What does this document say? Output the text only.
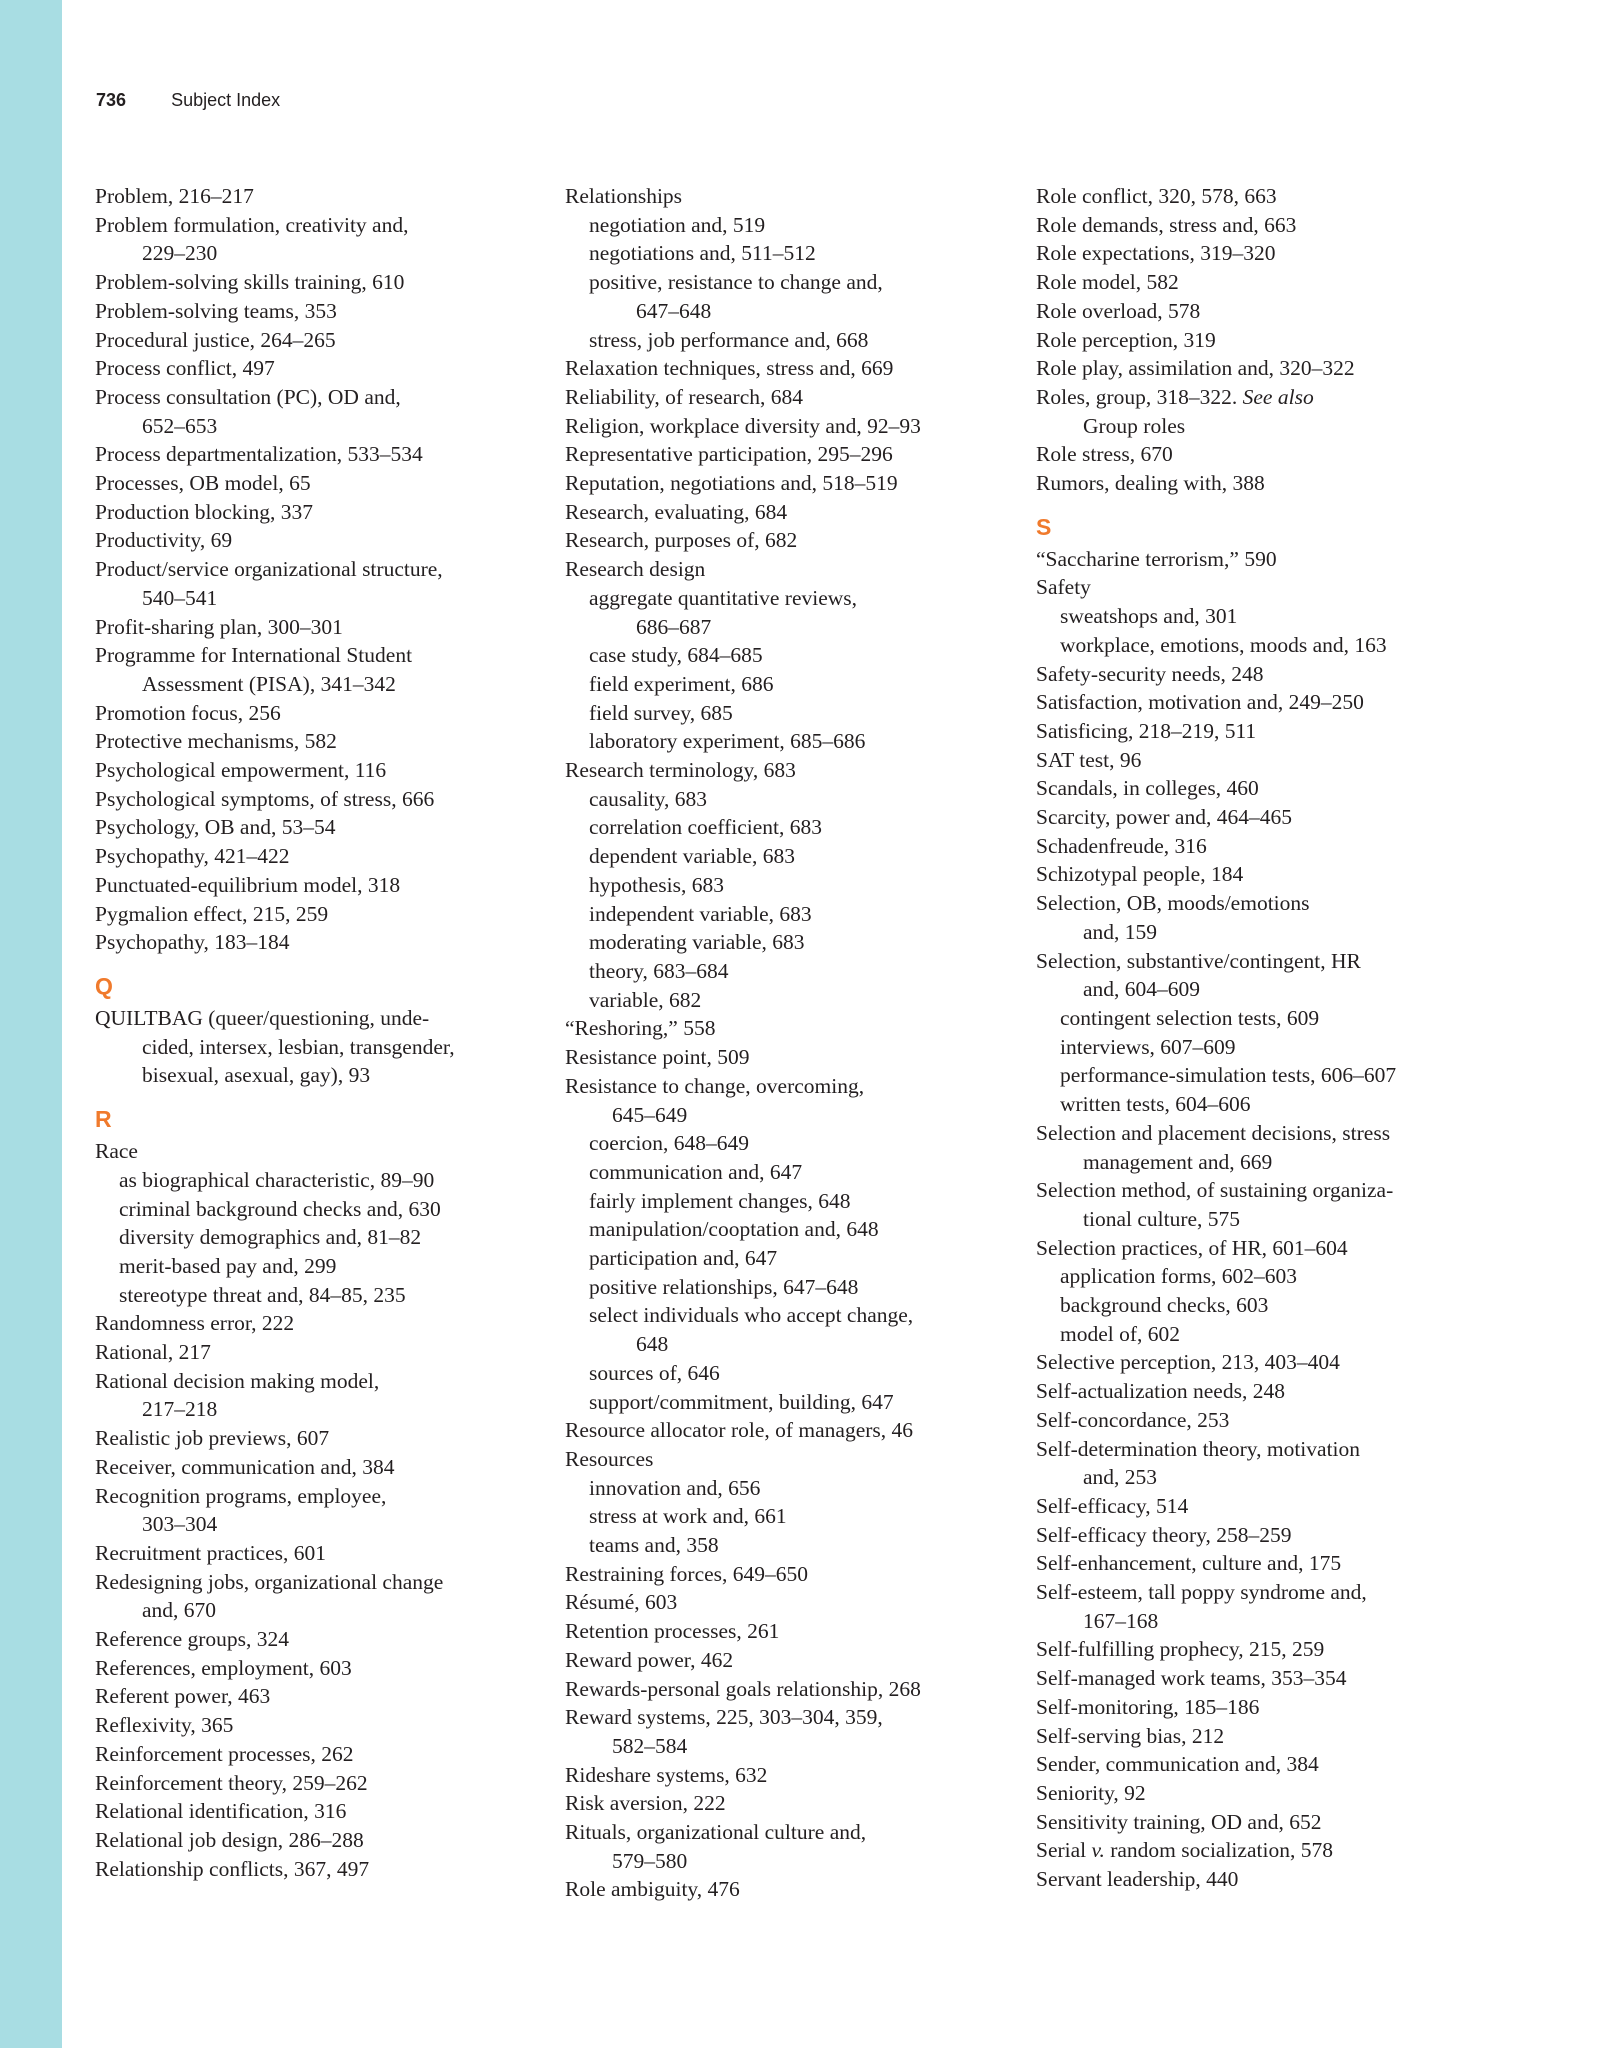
736	Subject Index
Problem, 216–217
Problem formulation, creativity and,
229–230
Problem-solving skills training, 610
Problem-solving teams, 353
Procedural justice, 264–265
Process conflict, 497
Process consultation (PC), OD and,
652–653
Process departmentalization, 533–534
Processes, OB model, 65
Production blocking, 337
Productivity, 69
Product/service organizational structure,
540–541
Profit-sharing plan, 300–301
Programme for International Student
Assessment (PISA), 341–342
Promotion focus, 256
Protective mechanisms, 582
Psychological empowerment, 116
Psychological symptoms, of stress, 666
Psychology, OB and, 53–54
Psychopathy, 421–422
Punctuated-equilibrium model, 318
Pygmalion effect, 215, 259
Psychopathy, 183–184
Q
QUILTBAG (queer/questioning, unde-
cided, intersex, lesbian, transgender,
bisexual, asexual, gay), 93
R
Race
as biographical characteristic, 89–90
criminal background checks and, 630
diversity demographics and, 81–82
merit-based pay and, 299
stereotype threat and, 84–85, 235
Randomness error, 222
Rational, 217
Rational decision making model,
217–218
Realistic job previews, 607
Receiver, communication and, 384
Recognition programs, employee,
303–304
Recruitment practices, 601
Redesigning jobs, organizational change
and, 670
Reference groups, 324
References, employment, 603
Referent power, 463
Reflexivity, 365
Reinforcement processes, 262
Reinforcement theory, 259–262
Relational identification, 316
Relational job design, 286–288
Relationship conflicts, 367, 497
Relationships
negotiation and, 519
negotiations and, 511–512
positive, resistance to change and,
647–648
stress, job performance and, 668
Relaxation techniques, stress and, 669
Reliability, of research, 684
Religion, workplace diversity and, 92–93
Representative participation, 295–296
Reputation, negotiations and, 518–519
Research, evaluating, 684
Research, purposes of, 682
Research design
aggregate quantitative reviews,
686–687
case study, 684–685
field experiment, 686
field survey, 685
laboratory experiment, 685–686
Research terminology, 683
causality, 683
correlation coefficient, 683
dependent variable, 683
hypothesis, 683
independent variable, 683
moderating variable, 683
theory, 683–684
variable, 682
“Reshoring,” 558
Resistance point, 509
Resistance to change, overcoming,
645–649
coercion, 648–649
communication and, 647
fairly implement changes, 648
manipulation/cooptation and, 648
participation and, 647
positive relationships, 647–648
select individuals who accept change,
648
sources of, 646
support/commitment, building, 647
Resource allocator role, of managers, 46
Resources
innovation and, 656
stress at work and, 661
teams and, 358
Restraining forces, 649–650
Résumé, 603
Retention processes, 261
Reward power, 462
Rewards-personal goals relationship, 268
Reward systems, 225, 303–304, 359,
582–584
Rideshare systems, 632
Risk aversion, 222
Rituals, organizational culture and,
579–580
Role ambiguity, 476
Role conflict, 320, 578, 663
Role demands, stress and, 663
Role expectations, 319–320
Role model, 582
Role overload, 578
Role perception, 319
Role play, assimilation and, 320–322
Roles, group, 318–322. See also
Group roles
Role stress, 670
Rumors, dealing with, 388
S
“Saccharine terrorism,” 590
Safety
sweatshops and, 301
workplace, emotions, moods and, 163
Safety-security needs, 248
Satisfaction, motivation and, 249–250
Satisficing, 218–219, 511
SAT test, 96
Scandals, in colleges, 460
Scarcity, power and, 464–465
Schadenfreude, 316
Schizotypal people, 184
Selection, OB, moods/emotions
and, 159
Selection, substantive/contingent, HR
and, 604–609
contingent selection tests, 609
interviews, 607–609
performance-simulation tests, 606–607
written tests, 604–606
Selection and placement decisions, stress
management and, 669
Selection method, of sustaining organiza-
tional culture, 575
Selection practices, of HR, 601–604
application forms, 602–603
background checks, 603
model of, 602
Selective perception, 213, 403–404
Self-actualization needs, 248
Self-concordance, 253
Self-determination theory, motivation
and, 253
Self-efficacy, 514
Self-efficacy theory, 258–259
Self-enhancement, culture and, 175
Self-esteem, tall poppy syndrome and,
167–168
Self-fulfilling prophecy, 215, 259
Self-managed work teams, 353–354
Self-monitoring, 185–186
Self-serving bias, 212
Sender, communication and, 384
Seniority, 92
Sensitivity training, OD and, 652
Serial v. random socialization, 578
Servant leadership, 440
